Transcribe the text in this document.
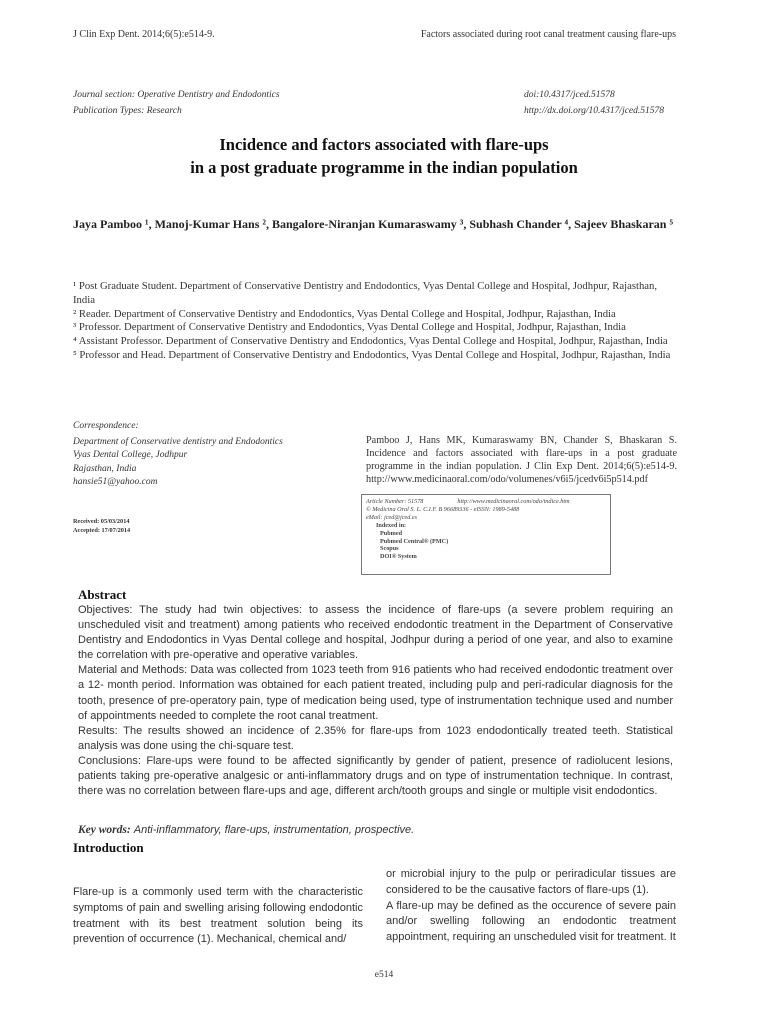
J Clin Exp Dent. 2014;6(5):e514-9.	Factors associated during root canal treatment causing flare-ups
Journal section: Operative Dentistry and Endodontics
Publication Types: Research
doi:10.4317/jced.51578
http://dx.doi.org/10.4317/jced.51578
Incidence and factors associated with flare-ups
in a post graduate programme in the indian population
Jaya Pamboo ¹, Manoj-Kumar Hans ², Bangalore-Niranjan Kumaraswamy ³, Subhash Chander ⁴, Sajeev Bhaskaran ⁵

¹ Post Graduate Student. Department of Conservative Dentistry and Endodontics, Vyas Dental College and Hospital, Jodhpur, Rajasthan, India

² Reader. Department of Conservative Dentistry and Endodontics, Vyas Dental College and Hospital, Jodhpur, Rajasthan, India

³ Professor. Department of Conservative Dentistry and Endodontics, Vyas Dental College and Hospital, Jodhpur, Rajasthan, India

⁴ Assistant Professor. Department of Conservative Dentistry and Endodontics, Vyas Dental College and Hospital, Jodhpur, Rajasthan, India

⁵ Professor and Head. Department of Conservative Dentistry and Endodontics, Vyas Dental College and Hospital, Jodhpur, Rajasthan, India

Correspondence:

Department of Conservative dentistry and Endodontics

Vyas Dental College, Jodhpur

Rajasthan, India

hansie51@yahoo.com

Pamboo J, Hans MK, Kumaraswamy BN, Chander S, Bhaskaran S. Incidence and factors associated with flare-ups in a post graduate programme in the indian population. J Clin Exp Dent. 2014;6(5):e514-9. http://www.medicinaoral.com/odo/volumenes/v6i5/jcedv6i5p514.pdf

Received: 05/03/2014

Accepted: 17/07/2014

Article Number: 51578	http://www.medicinaoral.com/odo/indice.htm

© Medicina Oral S. L. C.I.F. B 96689336 - eISSN: 1989-5488

eMail: jced@jced.es

Indexed in:

Pubmed

Pubmed Central® (PMC)

Scopus

DOI® System

Abstract

Objectives: The study had twin objectives: to assess the incidence of flare-ups (a severe problem requiring an unscheduled visit and treatment) among patients who received endodontic treatment in the Department of Conservative Dentistry and Endodontics in Vyas Dental college and hospital, Jodhpur during a period of one year, and also to examine the correlation with pre-operative and operative variables.

Material and Methods: Data was collected from 1023 teeth from 916 patients who had received endodontic treatment over a 12- month period. Information was obtained for each patient treated, including pulp and peri-radicular diagnosis for the tooth, presence of pre-operatory pain, type of medication being used, type of instrumentation technique used and number of appointments needed to complete the root canal treatment.

Results: The results showed an incidence of 2.35% for flare-ups from 1023 endodontically treated teeth. Statistical analysis was done using the chi-square test.

Conclusions: Flare-ups were found to be affected significantly by gender of patient, presence of radiolucent lesions, patients taking pre-operative analgesic or anti-inflammatory drugs and on type of instrumentation technique. In contrast, there was no correlation between flare-ups and age, different arch/tooth groups and single or multiple visit endodontics.

Key words: Anti-inflammatory, flare-ups, instrumentation, prospective.
Introduction

Flare-up is a commonly used term with the characteristic symptoms of pain and swelling arising following endodontic treatment with its best treatment solution being its prevention of occurrence (1). Mechanical, chemical and/

or microbial injury to the pulp or periradicular tissues are considered to be the causative factors of flare-ups (1).

A flare-up may be defined as the occurence of severe pain and/or swelling following an endodontic treatment appointment, requiring an unscheduled visit for treatment. It

e514
